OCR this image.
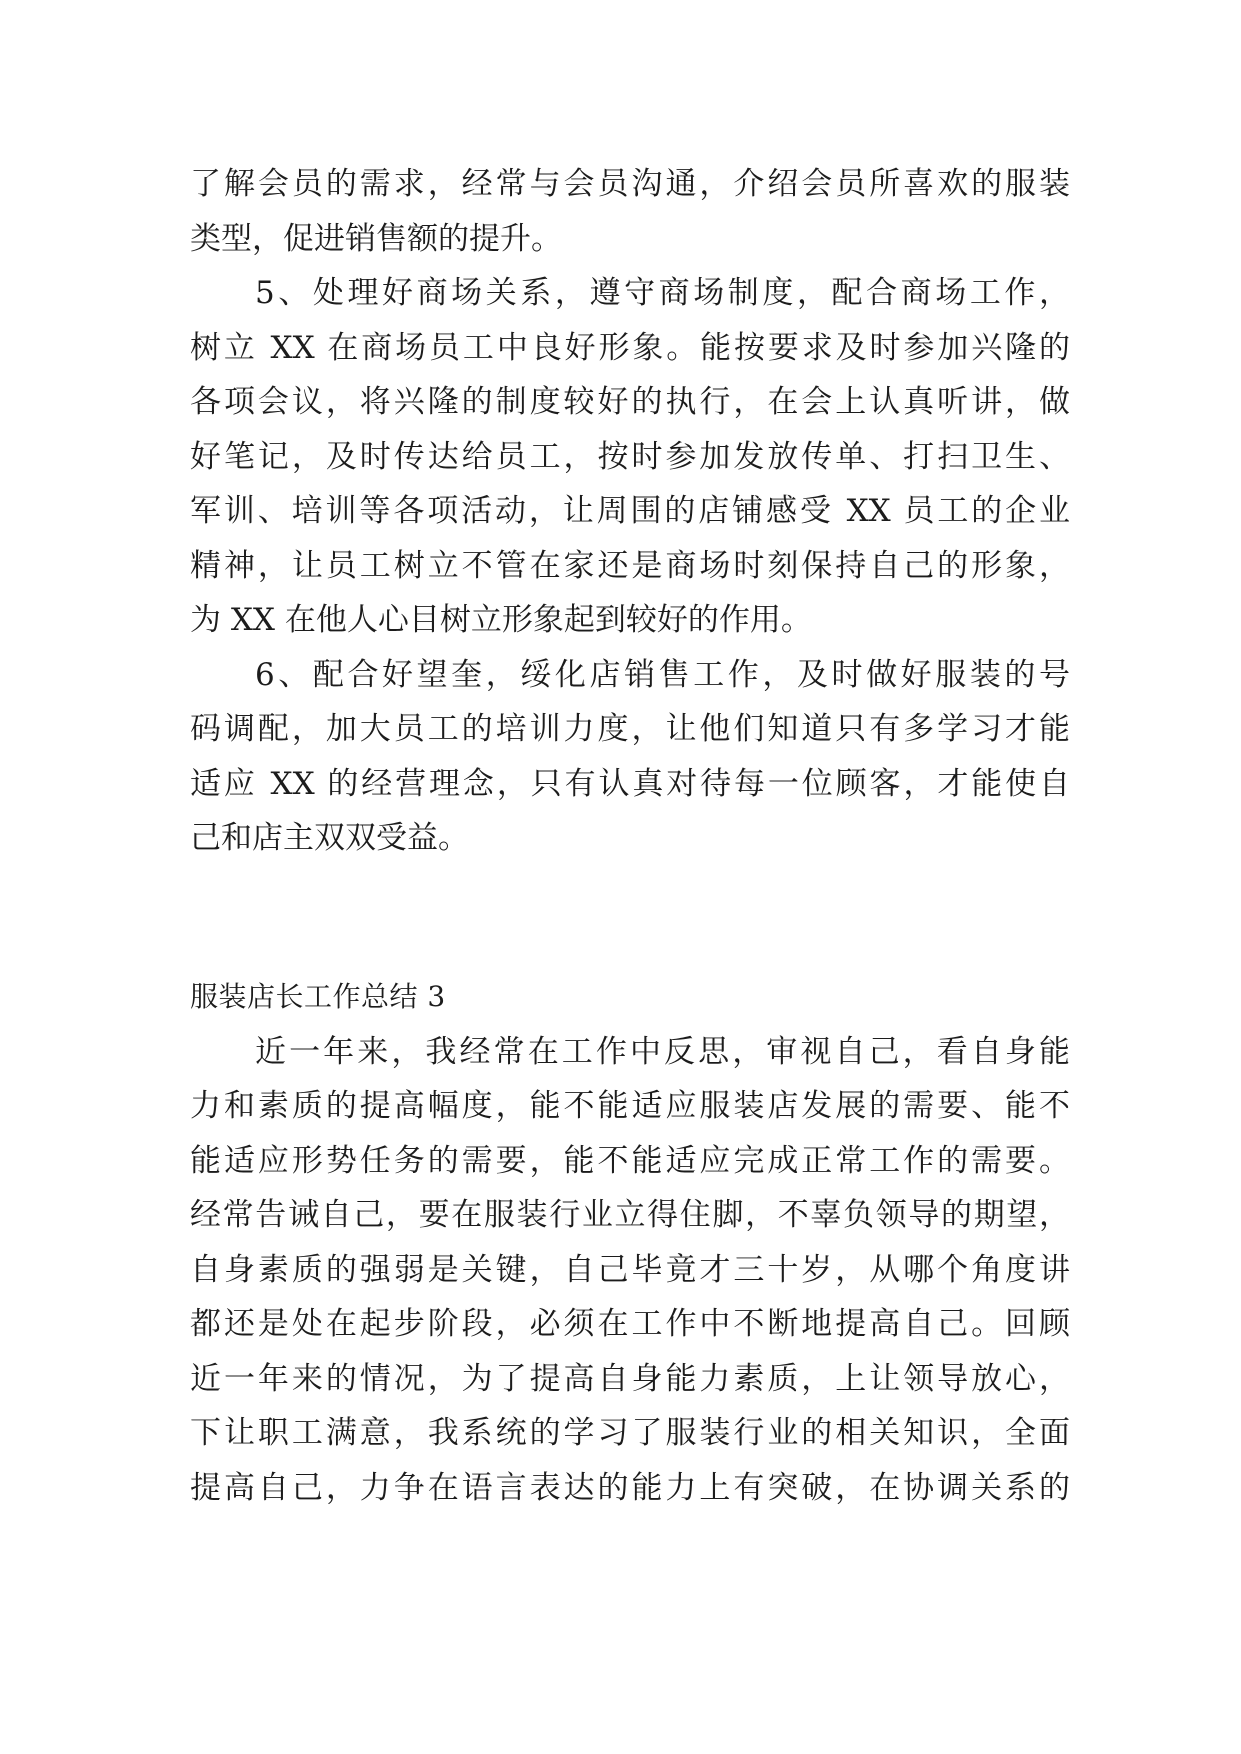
了解会员的需求，经常与会员沟通，介绍会员所喜欢的服装
类型，促进销售额的提升。
5、处理好商场关系，遵守商场制度，配合商场工作，
树立 XX 在商场员工中良好形象。能按要求及时参加兴隆的
各项会议，将兴隆的制度较好的执行，在会上认真听讲，做
好笔记，及时传达给员工，按时参加发放传单、打扫卫生、
军训、培训等各项活动，让周围的店铺感受 XX 员工的企业
精神，让员工树立不管在家还是商场时刻保持自己的形象，
为 XX 在他人心目树立形象起到较好的作用。
6、配合好望奎，绥化店销售工作，及时做好服装的号
码调配，加大员工的培训力度，让他们知道只有多学习才能
适应 XX 的经营理念，只有认真对待每一位顾客，才能使自
己和店主双双受益。
服装店长工作总结 3
近一年来，我经常在工作中反思，审视自己，看自身能
力和素质的提高幅度，能不能适应服装店发展的需要、能不
能适应形势任务的需要，能不能适应完成正常工作的需要。
经常告诫自己，要在服装行业立得住脚，不辜负领导的期望，
自身素质的强弱是关键，自己毕竟才三十岁，从哪个角度讲
都还是处在起步阶段，必须在工作中不断地提高自己。回顾
近一年来的情况，为了提高自身能力素质，上让领导放心，
下让职工满意，我系统的学习了服装行业的相关知识，全面
提高自己，力争在语言表达的能力上有突破，在协调关系的
